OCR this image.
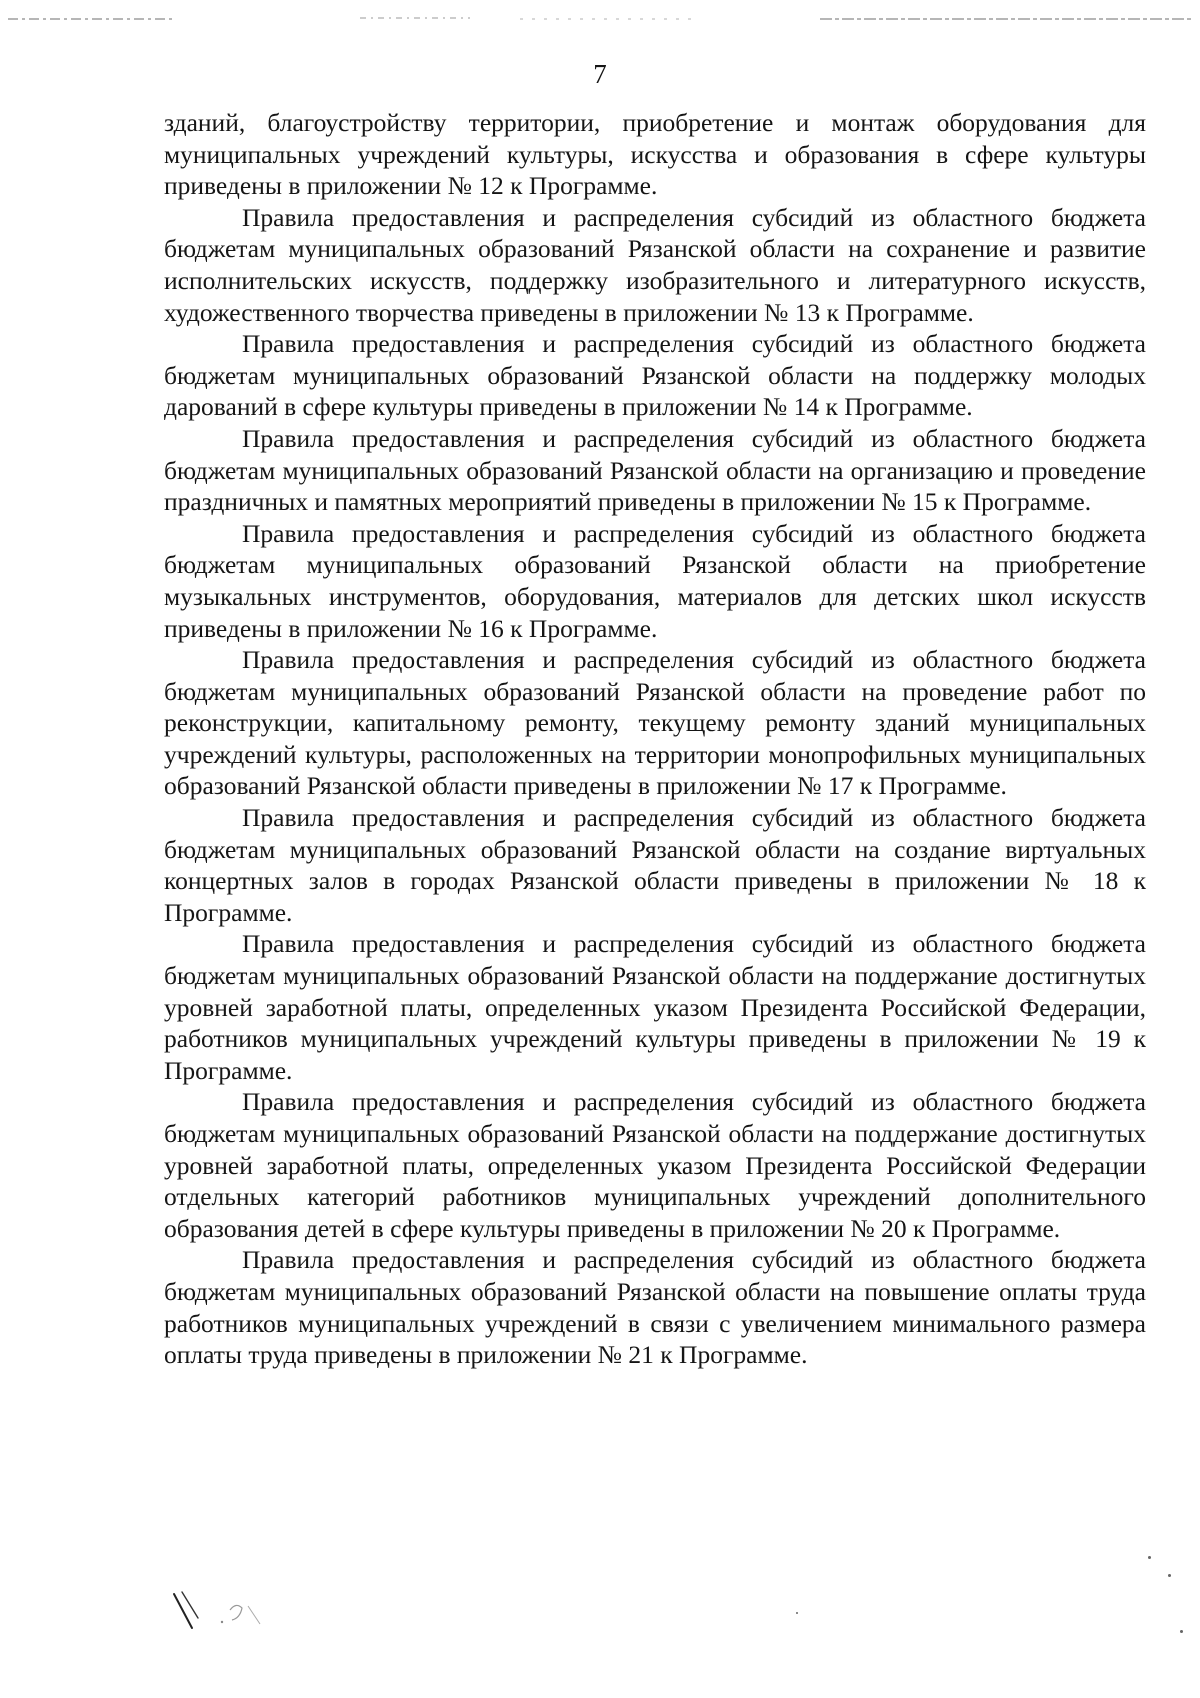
7

зданий, благоустройству территории, приобретение и монтаж оборудования для муниципальных учреждений культуры, искусства и образования в сфере культуры приведены в приложении № 12 к Программе.

Правила предоставления и распределения субсидий из областного бюджета бюджетам муниципальных образований Рязанской области на сохранение и развитие исполнительских искусств, поддержку изобразительного и литературного искусств, художественного творчества приведены в приложении № 13 к Программе.

Правила предоставления и распределения субсидий из областного бюджета бюджетам муниципальных образований Рязанской области на поддержку молодых дарований в сфере культуры приведены в приложении № 14 к Программе.

Правила предоставления и распределения субсидий из областного бюджета бюджетам муниципальных образований Рязанской области на организацию и проведение праздничных и памятных мероприятий приведены в приложении № 15 к Программе.

Правила предоставления и распределения субсидий из областного бюджета бюджетам муниципальных образований Рязанской области на приобретение музыкальных инструментов, оборудования, материалов для детских школ искусств приведены в приложении № 16 к Программе.

Правила предоставления и распределения субсидий из областного бюджета бюджетам муниципальных образований Рязанской области на проведение работ по реконструкции, капитальному ремонту, текущему ремонту зданий муниципальных учреждений культуры, расположенных на территории монопрофильных муниципальных образований Рязанской области приведены в приложении № 17 к Программе.

Правила предоставления и распределения субсидий из областного бюджета бюджетам муниципальных образований Рязанской области на создание виртуальных концертных залов в городах Рязанской области приведены в приложении № 18 к Программе.

Правила предоставления и распределения субсидий из областного бюджета бюджетам муниципальных образований Рязанской области на поддержание достигнутых уровней заработной платы, определенных указом Президента Российской Федерации, работников муниципальных учреждений культуры приведены в приложении № 19 к Программе.

Правила предоставления и распределения субсидий из областного бюджета бюджетам муниципальных образований Рязанской области на поддержание достигнутых уровней заработной платы, определенных указом Президента Российской Федерации отдельных категорий работников муниципальных учреждений дополнительного образования детей в сфере культуры приведены в приложении № 20 к Программе.

Правила предоставления и распределения субсидий из областного бюджета бюджетам муниципальных образований Рязанской области на повышение оплаты труда работников муниципальных учреждений в связи с увеличением минимального размера оплаты труда приведены в приложении № 21 к Программе.
